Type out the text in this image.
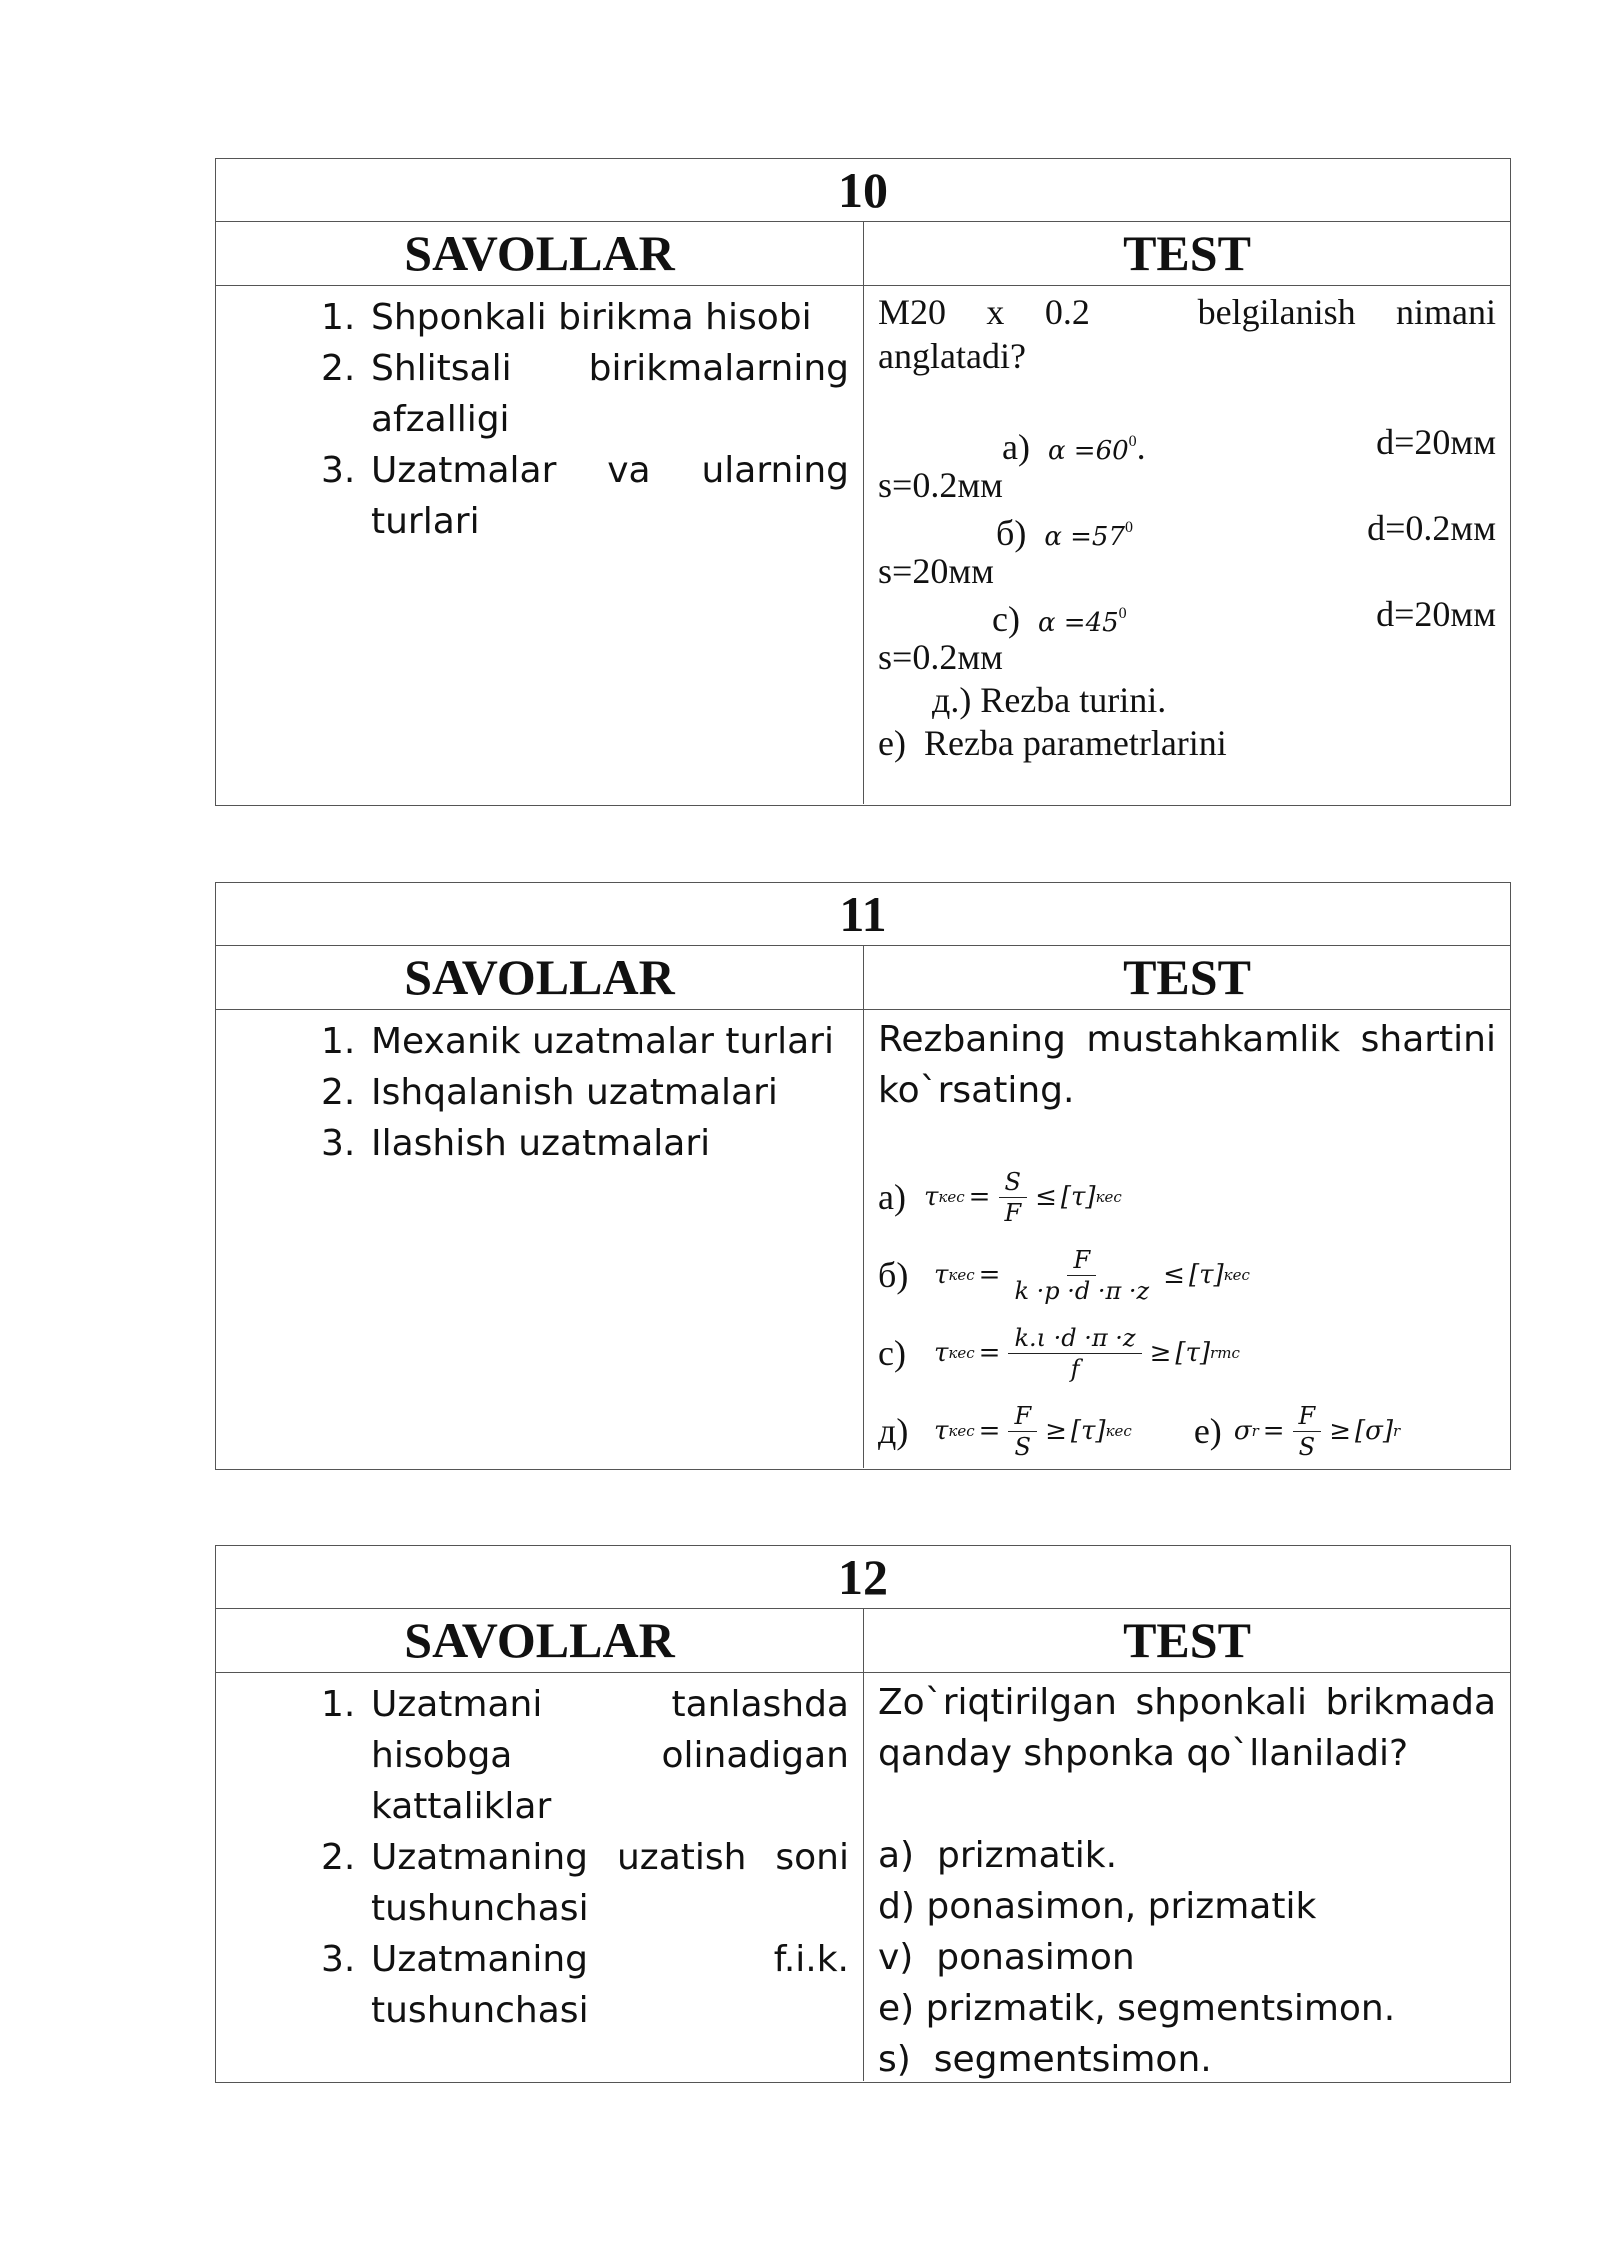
10
SAVOLLAR	TEST
1. Shponkali birikma hisobi
2. Shlitsali birikmalarning afzalligi
3. Uzatmalar va ularning turlari
M20   x   0.2        belgilanish   nimani
anglatadi?
a) $\alpha =60^0$.	d=20мм
s=0.2мм
б) $\alpha =57^0$	d=0.2мм
s=20мм
c) $\alpha =45^0$	d=20мм
s=0.2мм
д.) Rezba turini.
e)  Rezba parametrlarini
11
SAVOLLAR	TEST
1. Mexanik uzatmalar turlari
2. Ishqalanish uzatmalari
3. Ilashish uzatmalari
Rezbaning mustahkamlik shartini ko`rsating.
a) τ кес = $\frac{S}{F} \le [\tau]$ кес
б) τ кес = $\frac{F}{k \cdot p \cdot d \cdot\pi \cdot z} \le [\tau]$ кес
c)	τ кес = $\frac{k.\iota \cdot d \cdot\pi \cdot z}{f} \ge [\tau]$ rтс
д) τ кес = $\frac{F}{S} \ge [\tau]$ кес e) σ $r = \frac{F}{S} \ge [\sigma]$ r
12
SAVOLLAR	TEST
1. Uzatmani tanlashda hisobga olinadigan kattaliklar
2. Uzatmaning uzatish soni tushunchasi
3. Uzatmaning f.i.k. tushunchasi
Zo`riqtirilgan shponkali brikmada qanday shponka qo`llaniladi?
a)  prizmatik.
d) ponasimon, prizmatik
v)  ponasimon
e) prizmatik, segmentsimon.
s)  segmentsimon.
